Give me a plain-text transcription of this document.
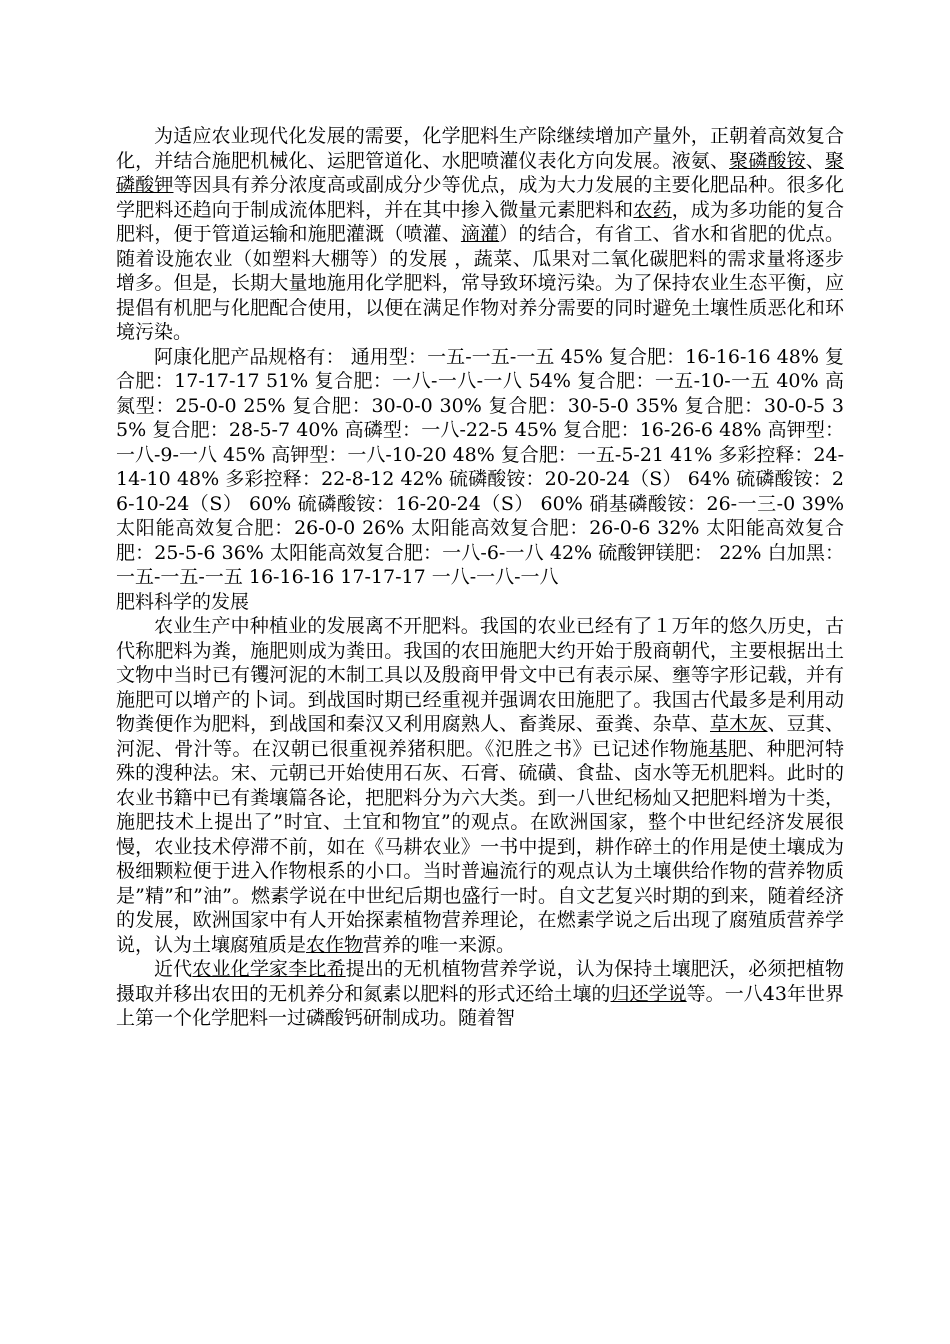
为适应农业现代化发展的需要，化学肥料生产除继续增加产量外，正朝着高效复合化，并结合施肥机械化、运肥管道化、水肥喷灌仪表化方向发展。液氨、聚磷酸铵、聚磷酸钾等因具有养分浓度高或副成分少等优点，成为大力发展的主要化肥品种。很多化学肥料还趋向于制成流体肥料，并在其中掺入微量元素肥料和农药，成为多功能的复合肥料，便于管道运输和施肥灌溉（喷灌、滴灌）的结合，有省工、省水和省肥的优点。随着设施农业（如塑料大棚等）的发展 ，蔬菜、瓜果对二氧化碳肥料的需求量将逐步增多。但是，长期大量地施用化学肥料，常导致环境污染。为了保持农业生态平衡，应提倡有机肥与化肥配合使用，以便在满足作物对养分需要的同时避免土壤性质恶化和环境污染。

阿康化肥产品规格有： 通用型：一五-一五-一五 45% 复合肥：16-16-16 48% 复合肥：17-17-17 51% 复合肥：一八-一八-一八 54% 复合肥：一五-10-一五 40% 高氮型：25-0-0 25% 复合肥：30-0-0 30% 复合肥：30-5-0 35% 复合肥：30-0-5 35% 复合肥：28-5-7 40% 高磷型：一八-22-5 45% 复合肥：16-26-6 48% 高钾型：一八-9-一八 45% 高钾型：一八-10-20 48% 复合肥：一五-5-21 41% 多彩控释：24-14-10 48% 多彩控释：22-8-12 42% 硫磷酸铵：20-20-24（S） 64% 硫磷酸铵：26-10-24（S） 60% 硫磷酸铵：16-20-24（S） 60% 硝基磷酸铵：26-一三-0 39% 太阳能高效复合肥：26-0-0 26% 太阳能高效复合肥：26-0-6 32% 太阳能高效复合肥：25-5-6 36% 太阳能高效复合肥：一八-6-一八 42% 硫酸钾镁肥： 22% 白加黑：一五-一五-一五 16-16-16 17-17-17 一八-一八-一八

肥料科学的发展

农业生产中种植业的发展离不开肥料。我国的农业已经有了１万年的悠久历史，古代称肥料为粪，施肥则成为粪田。我国的农田施肥大约开始于殷商朝代，主要根据出土文物中当时已有䦆河泥的木制工具以及殷商甲骨文中已有表示屎、壅等字形记载，并有施肥可以增产的卜词。到战国时期已经重视并强调农田施肥了。我国古代最多是利用动物粪便作为肥料，到战国和秦汉又利用腐熟人、畜粪尿、蚕粪、杂草、草木灰、豆萁、河泥、骨汁等。在汉朝已很重视养猪积肥。《氾胜之书》已记述作物施基肥、种肥河特殊的溲种法。宋、元朝已开始使用石灰、石膏、硫磺、食盐、卤水等无机肥料。此时的农业书籍中已有粪壤篇各论，把肥料分为六大类。到一八世纪杨灿又把肥料增为十类，施肥技术上提出了”时宜、土宜和物宜”的观点。在欧洲国家，整个中世纪经济发展很慢，农业技术停滞不前，如在《马耕农业》一书中提到，耕作碎土的作用是使土壤成为极细颗粒便于进入作物根系的小口。当时普遍流行的观点认为土壤供给作物的营养物质是”精”和”油”。燃素学说在中世纪后期也盛行一时。自文艺复兴时期的到来，随着经济的发展，欧洲国家中有人开始探素植物营养理论，在燃素学说之后出现了腐殖质营养学说，认为土壤腐殖质是农作物营养的唯一来源。

近代农业化学家李比希提出的无机植物营养学说，认为保持土壤肥沃，必须把植物摄取并移出农田的无机养分和氮素以肥料的形式还给土壤的归还学说等。一八43年世界上第一个化学肥料一过磷酸钙研制成功。随着智
